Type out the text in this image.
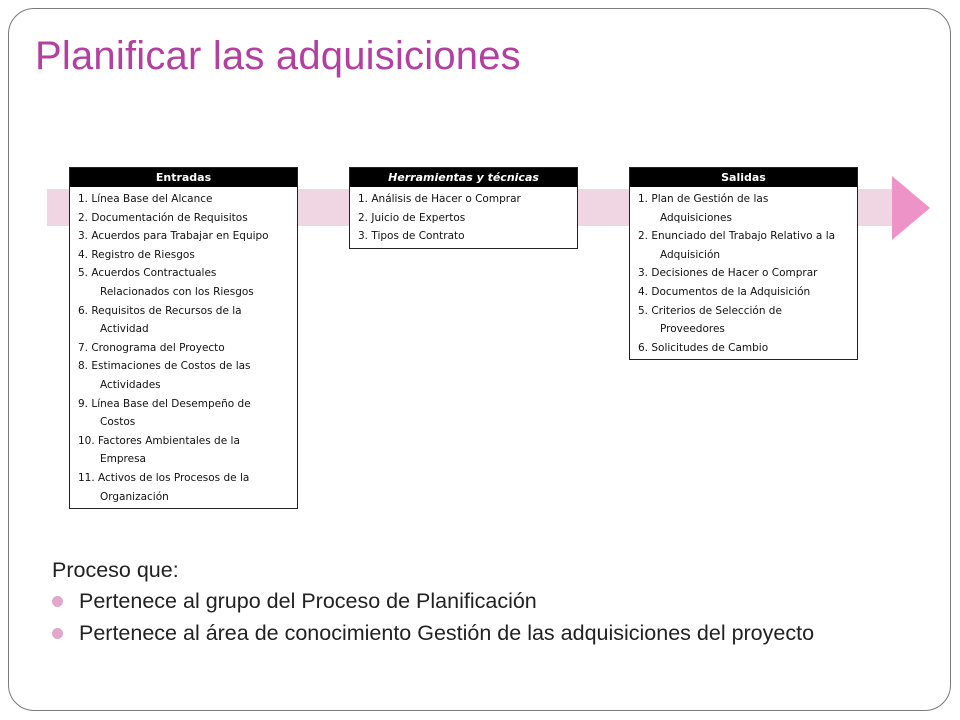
Planificar las adquisiciones
Entradas
1. Línea Base del Alcance
2. Documentación de Requisitos
3. Acuerdos para Trabajar en Equipo
4. Registro de Riesgos
5. Acuerdos Contractuales
Relacionados con los Riesgos
6. Requisitos de Recursos de la
Actividad
7. Cronograma del Proyecto
8. Estimaciones de Costos de las
Actividades
9. Línea Base del Desempeño de
Costos
10. Factores Ambientales de la
Empresa
11. Activos de los Procesos de la
Organización
Herramientas y técnicas
1. Análisis de Hacer o Comprar
2. Juicio de Expertos
3. Tipos de Contrato
Salidas
1. Plan de Gestión de las
Adquisiciones
2. Enunciado del Trabajo Relativo a la
Adquisición
3. Decisiones de Hacer o Comprar
4. Documentos de la Adquisición
5. Criterios de Selección de
Proveedores
6. Solicitudes de Cambio
Proceso que:
Pertenece al grupo del Proceso de Planificación
Pertenece al área de conocimiento Gestión de las adquisiciones del proyecto
